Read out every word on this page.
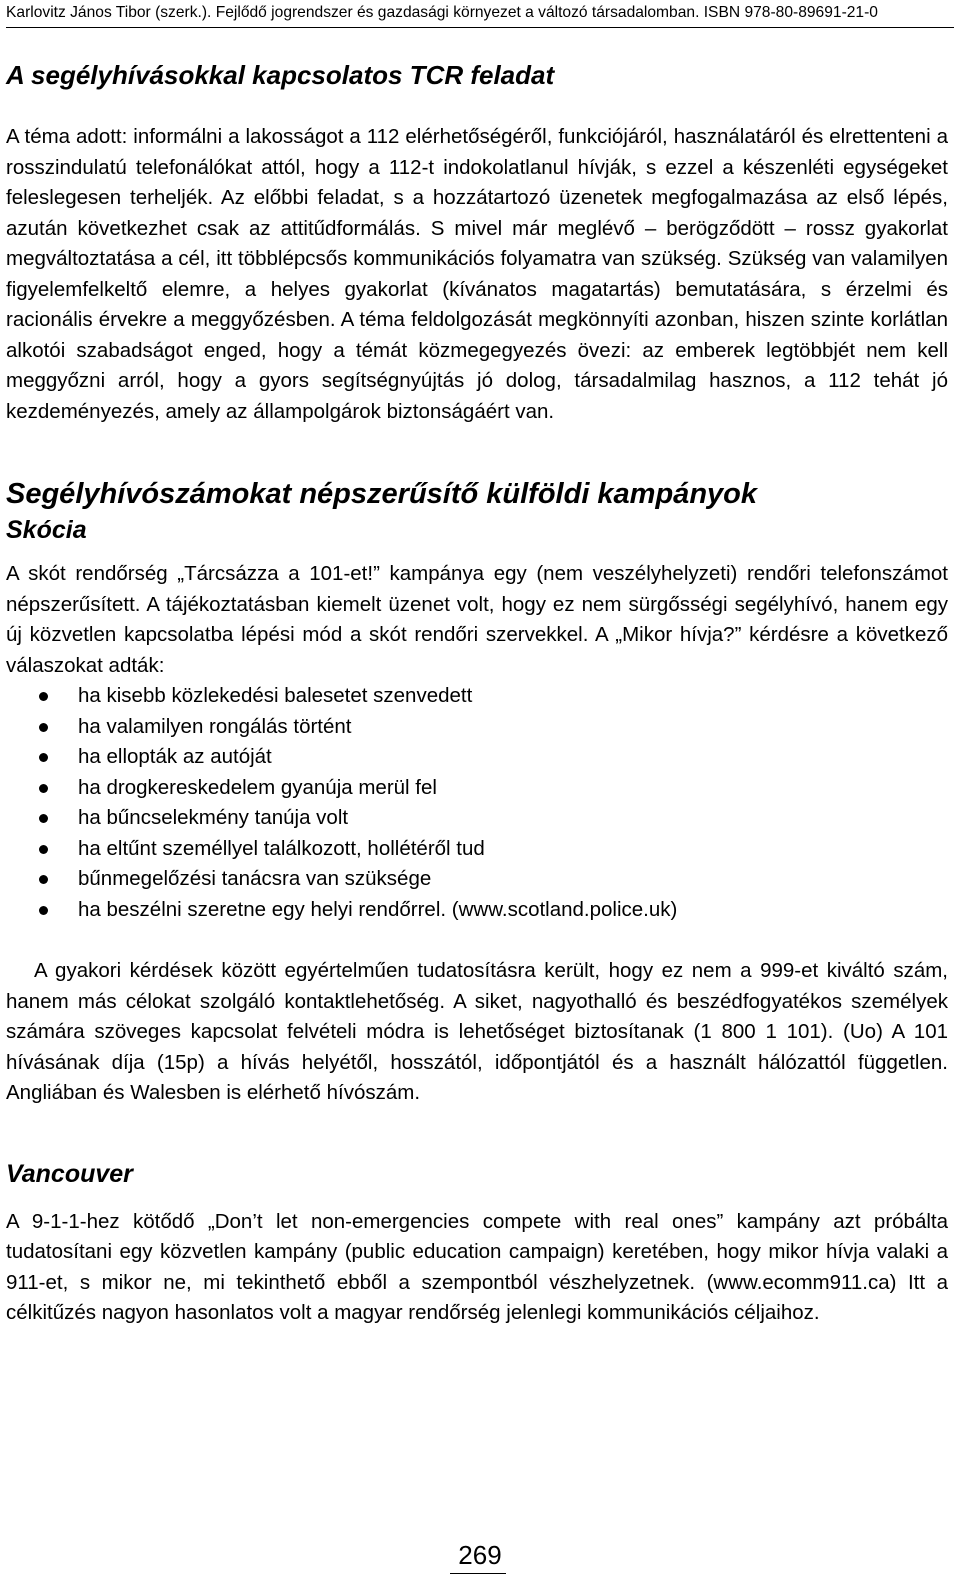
Karlovitz János Tibor (szerk.). Fejlődő jogrendszer és gazdasági környezet a változó társadalomban. ISBN 978-80-89691-21-0
A segélyhívásokkal kapcsolatos TCR feladat

A téma adott: informálni a lakosságot a 112 elérhetőségéről, funkciójáról, használatáról és elrettenteni a rosszindulatú telefonálókat attól, hogy a 112-t indokolatlanul hívják, s ezzel a készenléti egységeket feleslegesen terheljék. Az előbbi feladat, s a hozzátartozó üzenetek megfogalmazása az első lépés, azután következhet csak az attitűdformálás. S mivel már meglévő – berögződött – rossz gyakorlat megváltoztatása a cél, itt többlépcsős kommunikációs folyamatra van szükség. Szükség van valamilyen figyelemfelkeltő elemre, a helyes gyakorlat (kívánatos magatartás) bemutatására, s érzelmi és racionális érvekre a meggyőzésben. A téma feldolgozását megkönnyíti azonban, hiszen szinte korlátlan alkotói szabadságot enged, hogy a témát közmegegyezés övezi: az emberek legtöbbjét nem kell meggyőzni arról, hogy a gyors segítségnyújtás jó dolog, társadalmilag hasznos, a 112 tehát jó kezdeményezés, amely az állampolgárok biztonságáért van.

Segélyhívószámokat népszerűsítő külföldi kampányok
Skócia

A skót rendőrség „Tárcsázza a 101-et!” kampánya egy (nem veszélyhelyzeti) rendőri telefonszámot népszerűsített. A tájékoztatásban kiemelt üzenet volt, hogy ez nem sürgősségi segélyhívó, hanem egy új közvetlen kapcsolatba lépési mód a skót rendőri szervekkel. A „Mikor hívja?” kérdésre a következő válaszokat adták:

ha kisebb közlekedési balesetet szenvedett
ha valamilyen rongálás történt
ha ellopták az autóját
ha drogkereskedelem gyanúja merül fel
ha bűncselekmény tanúja volt
ha eltűnt személlyel találkozott, hollétéről tud
bűnmegelőzési tanácsra van szüksége
ha beszélni szeretne egy helyi rendőrrel. (www.scotland.police.uk)

A gyakori kérdések között egyértelműen tudatosításra került, hogy ez nem a 999-et kiváltó szám, hanem más célokat szolgáló kontaktlehetőség. A siket, nagyothalló és beszédfogyatékos személyek számára szöveges kapcsolat felvételi módra is lehetőséget biztosítanak (1 800 1 101). (Uo) A 101 hívásának díja (15p) a hívás helyétől, hosszától, időpontjától és a használt hálózattól független. Angliában és Walesben is elérhető hívószám.

Vancouver

A 9-1-1-hez kötődő „Don’t let non-emergencies compete with real ones” kampány azt próbálta tudatosítani egy közvetlen kampány (public education campaign) keretében, hogy mikor hívja valaki a 911-et, s mikor ne, mi tekinthető ebből a szempontból vészhelyzetnek. (www.ecomm911.ca) Itt a célkitűzés nagyon hasonlatos volt a magyar rendőrség jelenlegi kommunikációs céljaihoz.

269
